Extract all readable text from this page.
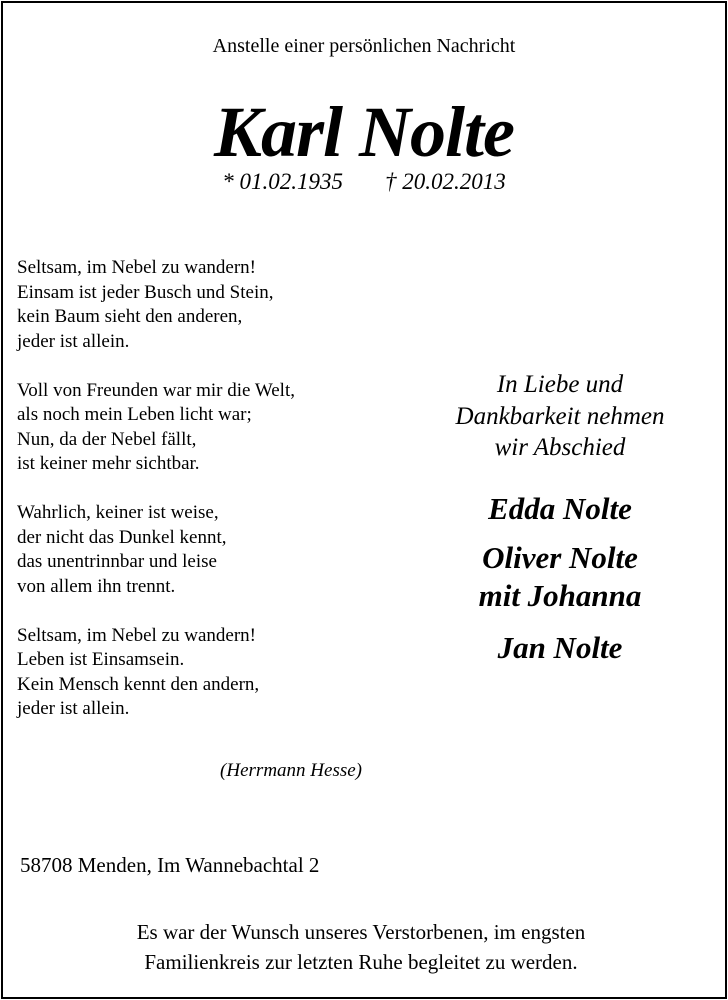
Anstelle einer persönlichen Nachricht
Karl Nolte
* 01.02.1935 † 20.02.2013

Seltsam, im Nebel zu wandern!

Einsam ist jeder Busch und Stein,

kein Baum sieht den anderen,

jeder ist allein.

Voll von Freunden war mir die Welt,

als noch mein Leben licht war;

Nun, da der Nebel fällt,

ist keiner mehr sichtbar.

Wahrlich, keiner ist weise,

der nicht das Dunkel kennt,

das unentrinnbar und leise

von allem ihn trennt.

Seltsam, im Nebel zu wandern!

Leben ist Einsamsein.

Kein Mensch kennt den andern,

jeder ist allein.

(Herrmann Hesse)

In Liebe und

Dankbarkeit nehmen

wir Abschied

Edda Nolte

Oliver Nolte

mit Johanna

Jan Nolte

58708 Menden, Im Wannebachtal 2

Es war der Wunsch unseres Verstorbenen, im engsten

Familienkreis zur letzten Ruhe begleitet zu werden.
